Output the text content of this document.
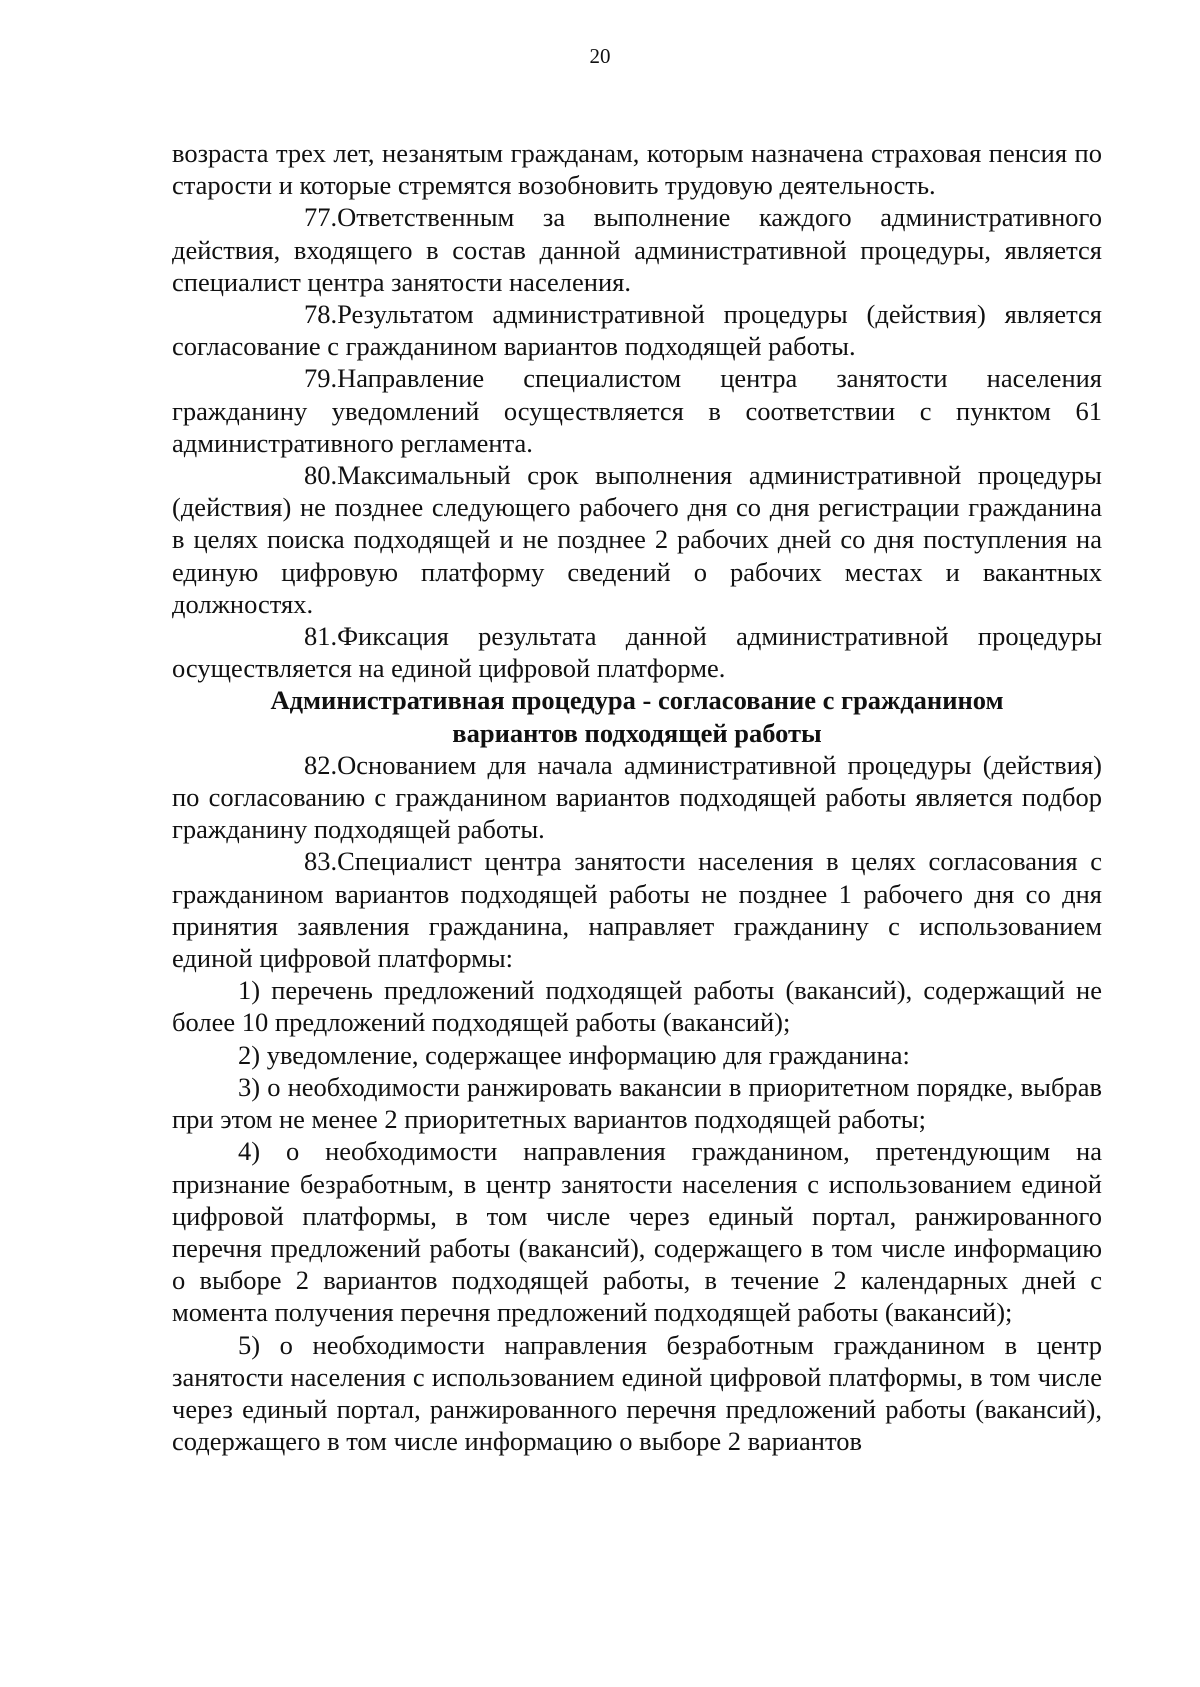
20

возраста трех лет, незанятым гражданам, которым назначена страховая пенсия по старости и которые стремятся возобновить трудовую деятельность.

77.Ответственным за выполнение каждого административного действия, входящего в состав данной административной процедуры, является специалист центра занятости населения.

78.Результатом административной процедуры (действия) является согласование с гражданином вариантов подходящей работы.

79.Направление специалистом центра занятости населения гражданину уведомлений осуществляется в соответствии с пунктом 61 административного регламента.

80.Максимальный срок выполнения административной процедуры (действия) не позднее следующего рабочего дня со дня регистрации гражданина в целях поиска подходящей и не позднее 2 рабочих дней со дня поступления на единую цифровую платформу сведений о рабочих местах и вакантных должностях.

81.Фиксация результата данной административной процедуры осуществляется на единой цифровой платформе.

Административная процедура - согласование с гражданином
вариантов подходящей работы

82.Основанием для начала административной процедуры (действия) по согласованию с гражданином вариантов подходящей работы является подбор гражданину подходящей работы.

83.Специалист центра занятости населения в целях согласования с гражданином вариантов подходящей работы не позднее 1 рабочего дня со дня принятия заявления гражданина, направляет гражданину с использованием единой цифровой платформы:

1) перечень предложений подходящей работы (вакансий), содержащий не более 10 предложений подходящей работы (вакансий);

2) уведомление, содержащее информацию для гражданина:

3) о необходимости ранжировать вакансии в приоритетном порядке, выбрав при этом не менее 2 приоритетных вариантов подходящей работы;

4) о необходимости направления гражданином, претендующим на признание безработным, в центр занятости населения с использованием единой цифровой платформы, в том числе через единый портал, ранжированного перечня предложений работы (вакансий), содержащего в том числе информацию о выборе 2 вариантов подходящей работы, в течение 2 календарных дней с момента получения перечня предложений подходящей работы (вакансий);

5) о необходимости направления безработным гражданином в центр занятости населения с использованием единой цифровой платформы, в том числе через единый портал, ранжированного перечня предложений работы (вакансий), содержащего в том числе информацию о выборе 2 вариантов
